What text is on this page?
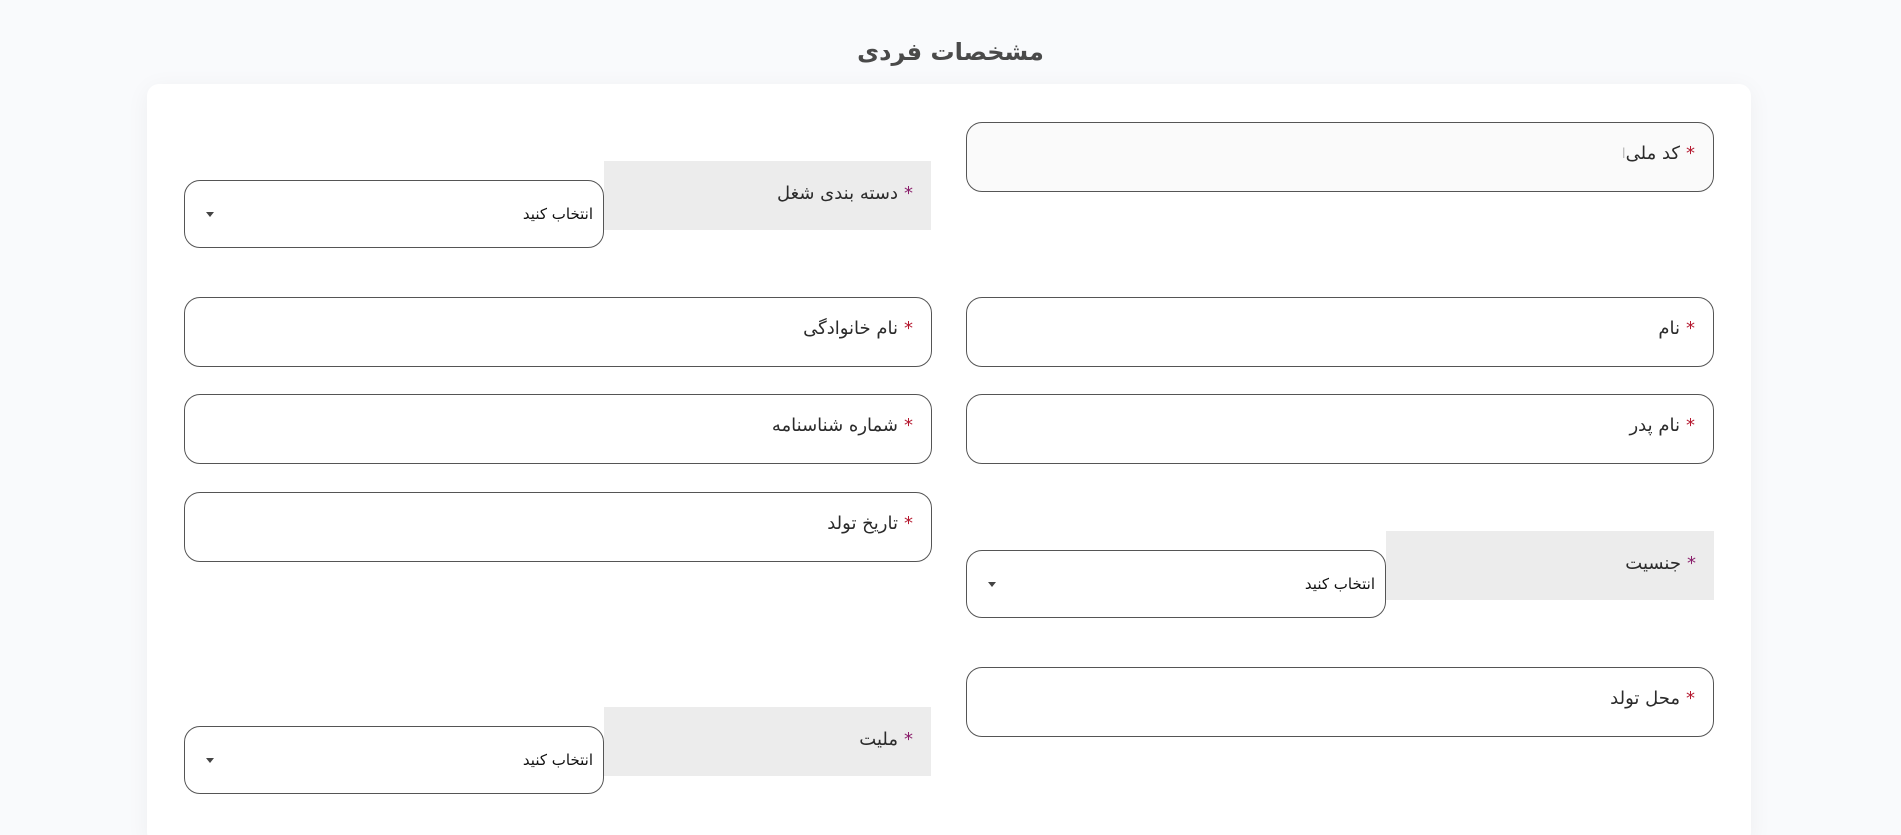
مشخصات فردی
*
کد ملی
ا
*
دسته بندی شغل
انتخاب کنید
*
نام
*
نام خانوادگی
*
نام پدر
*
شماره شناسنامه
*
تاریخ تولد
*
جنسیت
انتخاب کنید
*
محل تولد
*
ملیت
انتخاب کنید
